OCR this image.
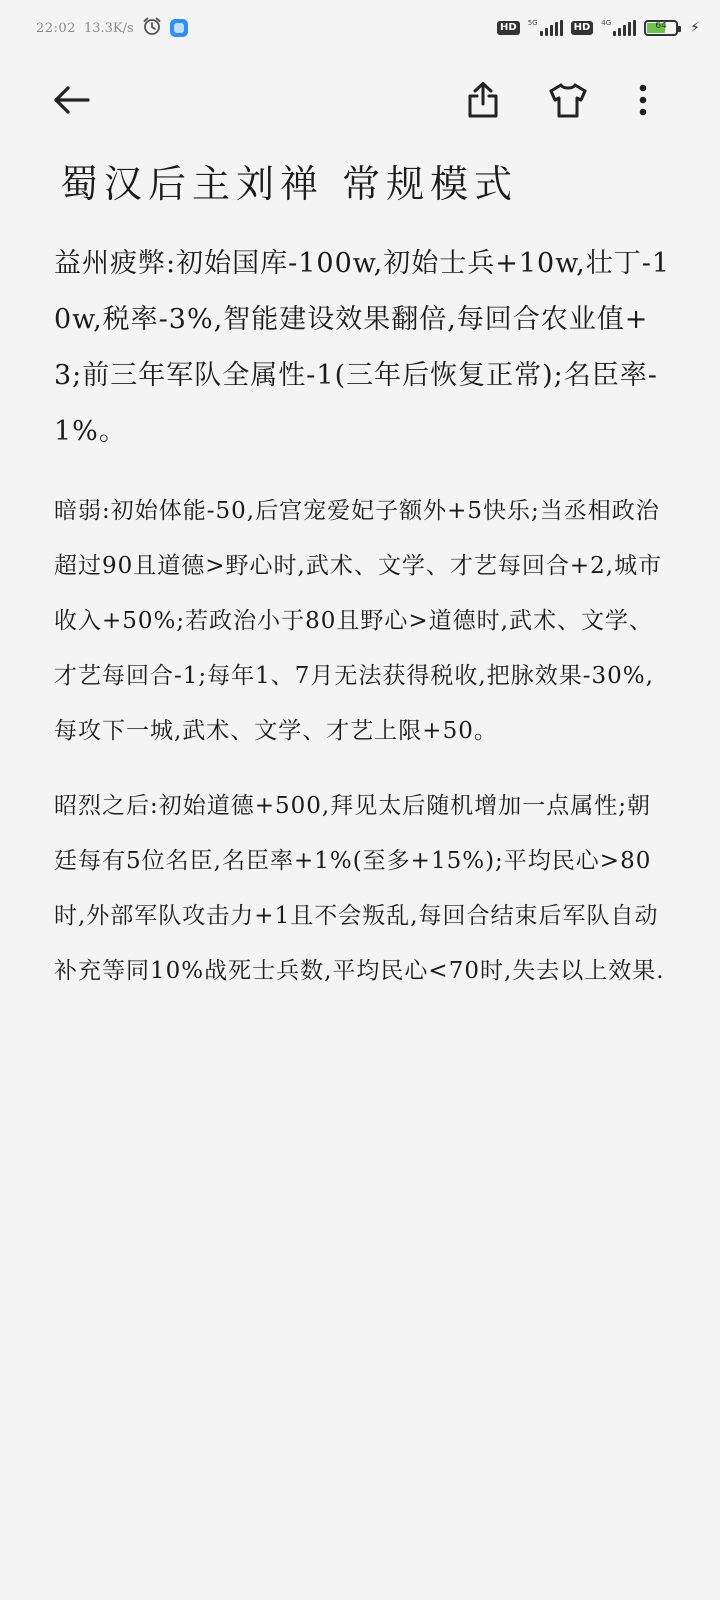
22:02 13.3K/s	HD	5G	HD	4G	64	⚡
蜀汉后主刘禅 常规模式

益州疲弊:初始国库-100w,初始士兵+10w,壮丁-10w,税率-3%,智能建设效果翻倍,每回合农业值+3;前三年军队全属性-1(三年后恢复正常);名臣率-1%。

暗弱:初始体能-50,后宫宠爱妃子额外+5快乐;当丞相政治超过90且道德>野心时,武术、文学、才艺每回合+2,城市收入+50%;若政治小于80且野心>道德时,武术、文学、才艺每回合-1;每年1、7月无法获得税收,把脉效果-30%,每攻下一城,武术、文学、才艺上限+50。

昭烈之后:初始道德+500,拜见太后随机增加一点属性;朝廷每有5位名臣,名臣率+1%(至多+15%);平均民心>80时,外部军队攻击力+1且不会叛乱,每回合结束后军队自动补充等同10%战死士兵数,平均民心<70时,失去以上效果.
